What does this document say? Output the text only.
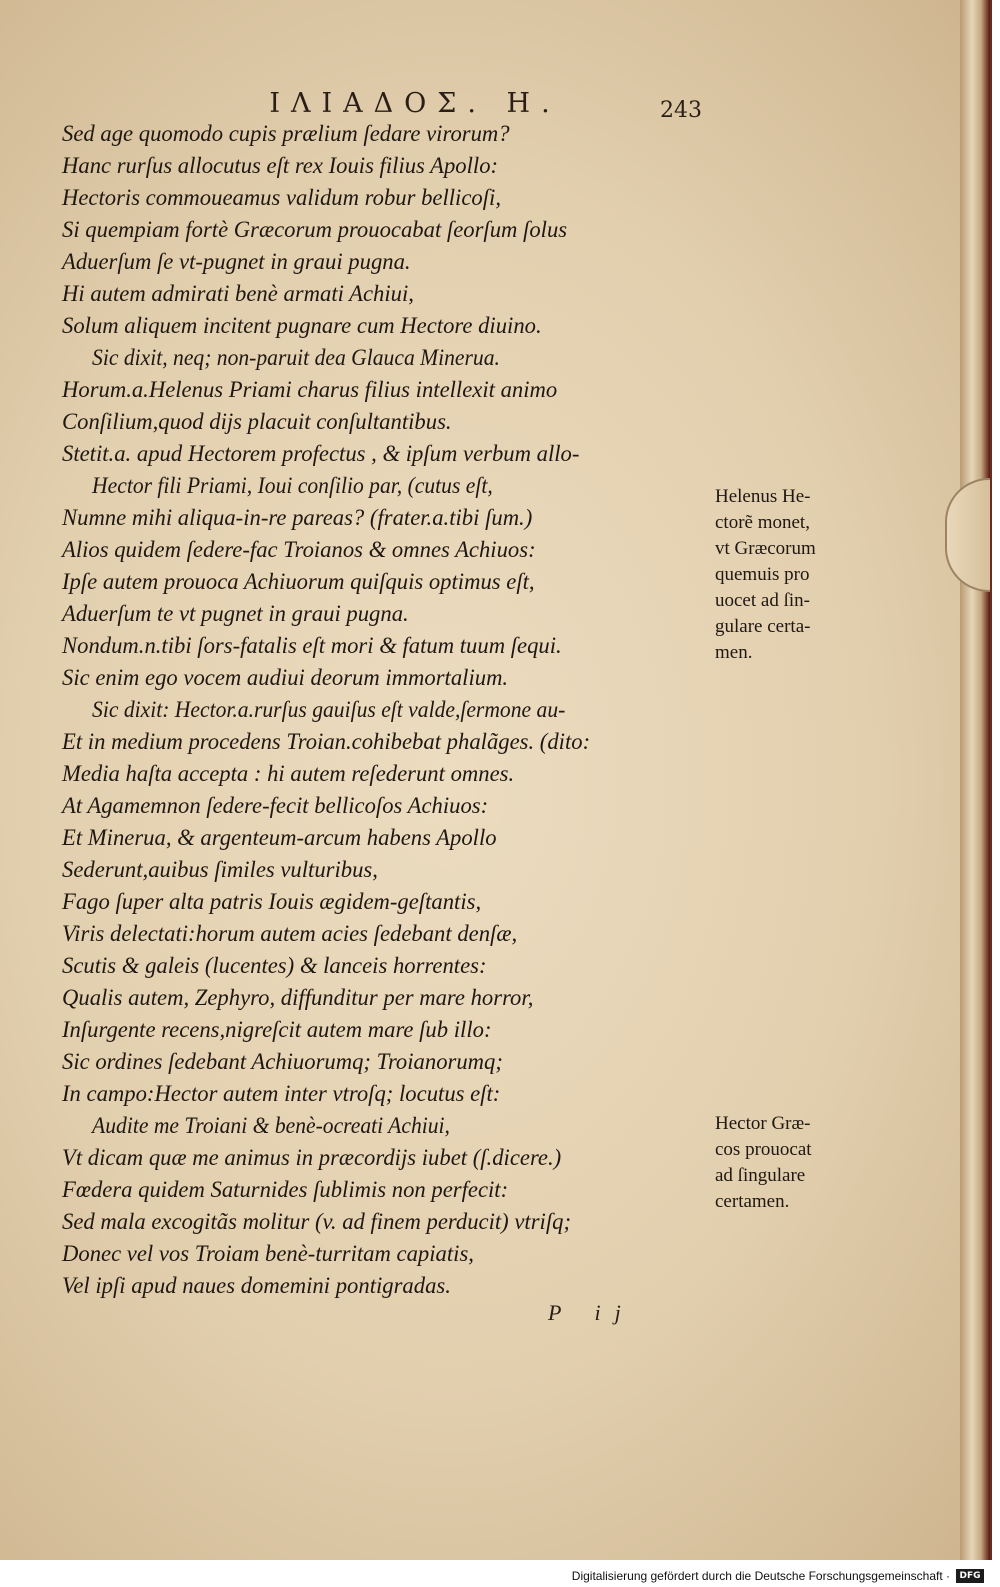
ΙΛΙΑΔΟΣ. Η.	243
Sed age quomodo cupis prælium ſedare virorum?
Hanc rurſus allocutus eſt rex Iouis filius Apollo:
Hectoris commoueamus validum robur bellicoſi,
Si quempiam fortè Græcorum prouocabat ſeorſum ſolus
Aduerſum ſe vt-pugnet in graui pugna.
Hi autem admirati benè armati Achiui,
Solum aliquem incitent pugnare cum Hectore diuino.
Sic dixit, neq; non-paruit dea Glauca Minerua.
Horum.a.Helenus Priami charus filius intellexit animo
Conſilium,quod dijs placuit conſultantibus.
Stetit.a. apud Hectorem profectus , & ipſum verbum allo-
Hector fili Priami, Ioui conſilio par, (cutus eſt,
Numne mihi aliqua-in-re pareas? (frater.a.tibi ſum.)
Alios quidem ſedere-fac Troianos & omnes Achiuos:
Ipſe autem prouoca Achiuorum quiſquis optimus eſt,
Aduerſum te vt pugnet in graui pugna.
Nondum.n.tibi ſors-fatalis eſt mori & fatum tuum ſequi.
Sic enim ego vocem audiui deorum immortalium.
Sic dixit: Hector.a.rurſus gauiſus eſt valde,ſermone au-
Et in medium procedens Troian.cohibebat phalãges. (dito:
Media haſta accepta : hi autem reſederunt omnes.
At Agamemnon ſedere-fecit bellicoſos Achiuos:
Et Minerua, & argenteum-arcum habens Apollo
Sederunt,auibus ſimiles vulturibus,
Fago ſuper alta patris Iouis ægidem-geſtantis,
Viris delectati:horum autem acies ſedebant denſæ,
Scutis & galeis (lucentes) & lanceis horrentes:
Qualis autem, Zephyro, diffunditur per mare horror,
Inſurgente recens,nigreſcit autem mare ſub illo:
Sic ordines ſedebant Achiuorumq; Troianorumq;
In campo:Hector autem inter vtroſq; locutus eſt:
Audite me Troiani & benè-ocreati Achiui,
Vt dicam quæ me animus in præcordijs iubet (ſ.dicere.)
Fœdera quidem Saturnides ſublimis non perfecit:
Sed mala excogitãs molitur (v. ad finem perducit) vtriſq;
Donec vel vos Troiam benè-turritam capiatis,
Vel ipſi apud naues domemini pontigradas.
Helenus He-
ctorẽ monet,
vt Græcorum
quemuis pro
uocet ad ſin-
gulare certa-
men.
Hector Græ-
cos prouocat
ad ſingulare
certamen.
P ij
Digitalisierung gefördert durch die Deutsche Forschungsgemeinschaft ·	DFG
